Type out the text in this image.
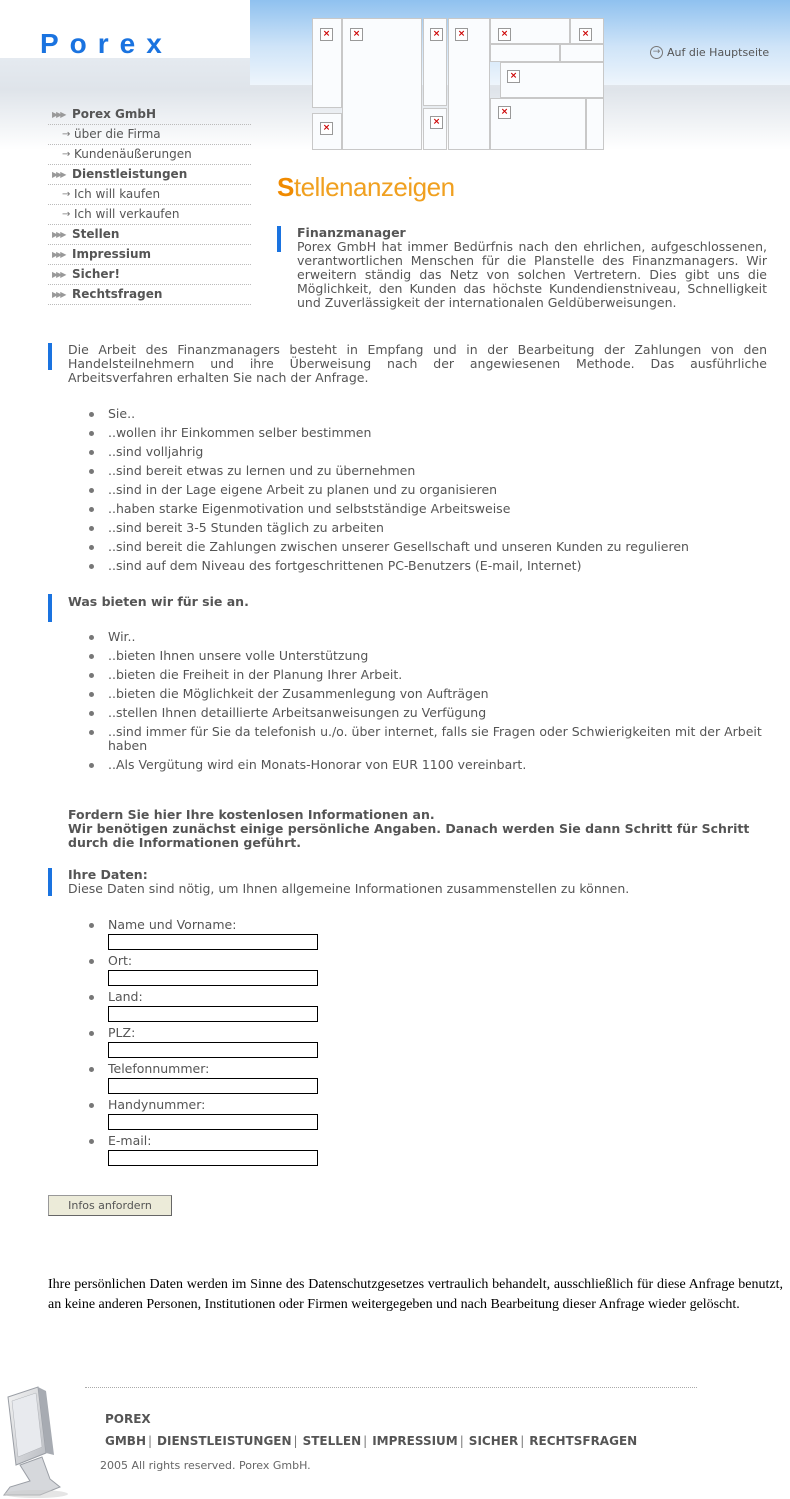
Porex	×
×
×	×
×
×	×	×
×
×
→ Auf die Hauptseite
▶▶▶ Porex GmbH
→ über die Firma
→ Kundenäußerungen
▶▶▶ Dienstleistungen
→ Ich will kaufen
→ Ich will verkaufen
▶▶▶ Stellen
▶▶▶ Impressium
▶▶▶ Sicher!
▶▶▶ Rechtsfragen
Stellenanzeigen
Finanzmanager
Porex GmbH hat immer Bedürfnis nach den ehrlichen, aufgeschlossenen, verantwortlichen Menschen für die Planstelle des Finanzmanagers. Wir erweitern ständig das Netz von solchen Vertretern. Dies gibt uns die Möglichkeit, den Kunden das höchste Kundendienstniveau, Schnelligkeit und Zuverlässigkeit der internationalen Geldüberweisungen.
Die Arbeit des Finanzmanagers besteht in Empfang und in der Bearbeitung der Zahlungen von den Handelsteilnehmern und ihre Überweisung nach der angewiesenen Methode. Das ausführliche Arbeitsverfahren erhalten Sie nach der Anfrage.
Sie..
..wollen ihr Einkommen selber bestimmen
..sind volljahrig
..sind bereit etwas zu lernen und zu übernehmen
..sind in der Lage eigene Arbeit zu planen und zu organisieren
..haben starke Eigenmotivation und selbstständige Arbeitsweise
..sind bereit 3-5 Stunden täglich zu arbeiten
..sind bereit die Zahlungen zwischen unserer Gesellschaft und unseren Kunden zu regulieren
..sind auf dem Niveau des fortgeschrittenen PC-Benutzers (E-mail, Internet)
Was bieten wir für sie an.
Wir..
..bieten Ihnen unsere volle Unterstützung
..bieten die Freiheit in der Planung Ihrer Arbeit.
..bieten die Möglichkeit der Zusammenlegung von Aufträgen
..stellen Ihnen detaillierte Arbeitsanweisungen zu Verfügung
..sind immer für Sie da telefonish u./o. über internet, falls sie Fragen oder Schwierigkeiten mit der Arbeit haben
..Als Vergütung wird ein Monats-Honorar von EUR 1100 vereinbart.
Fordern Sie hier Ihre kostenlosen Informationen an.
Wir benötigen zunächst einige persönliche Angaben. Danach werden Sie dann Schritt für Schritt durch die Informationen geführt.
Ihre Daten:
Diese Daten sind nötig, um Ihnen allgemeine Informationen zusammenstellen zu können.
Name und Vorname:
Ort:
Land:
PLZ:
Telefonnummer:
Handynummer:
E-mail:
Infos anfordern
Ihre persönlichen Daten werden im Sinne des Datenschutzgesetzes vertraulich behandelt, ausschließlich für diese Anfrage benutzt, an keine anderen Personen, Institutionen oder Firmen weitergegeben und nach Bearbeitung dieser Anfrage wieder gelöscht.
POREX GMBH | DIENSTLEISTUNGEN | STELLEN | IMPRESSIUM | SICHER | RECHTSFRAGEN
2005 All rights reserved. Porex GmbH.
